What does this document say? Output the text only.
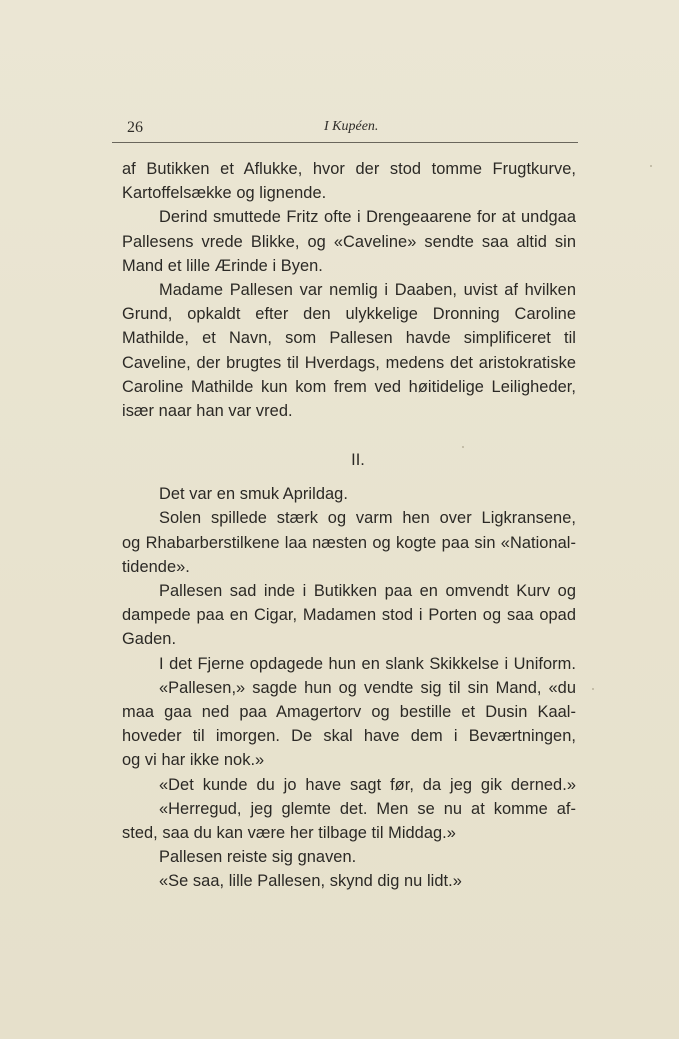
26	I Kupéen.
af Butikken et Aflukke, hvor der stod tomme Frugtkurve,
Kartoffelsække og lignende.
Derind smuttede Fritz ofte i Drengeaarene for at undgaa
Pallesens vrede Blikke, og «Caveline» sendte saa altid sin
Mand et lille Ærinde i Byen.
Madame Pallesen var nemlig i Daaben, uvist af hvilken
Grund, opkaldt efter den ulykkelige Dronning Caroline
Mathilde, et Navn, som Pallesen havde simplificeret til
Caveline, der brugtes til Hverdags, medens det aristokratiske
Caroline Mathilde kun kom frem ved høitidelige Leiligheder,
især naar han var vred.
II.
Det var en smuk Aprildag.
Solen spillede stærk og varm hen over Ligkransene,
og Rhabarberstilkene laa næsten og kogte paa sin «National-
tidende».
Pallesen sad inde i Butikken paa en omvendt Kurv og
dampede paa en Cigar, Madamen stod i Porten og saa opad
Gaden.
I det Fjerne opdagede hun en slank Skikkelse i Uniform.
«Pallesen,» sagde hun og vendte sig til sin Mand, «du
maa gaa ned paa Amagertorv og bestille et Dusin Kaal-
hoveder til imorgen. De skal have dem i Beværtningen,
og vi har ikke nok.»
«Det kunde du jo have sagt før, da jeg gik derned.»
«Herregud, jeg glemte det. Men se nu at komme af-
sted, saa du kan være her tilbage til Middag.»
Pallesen reiste sig gnaven.
«Se saa, lille Pallesen, skynd dig nu lidt.»
